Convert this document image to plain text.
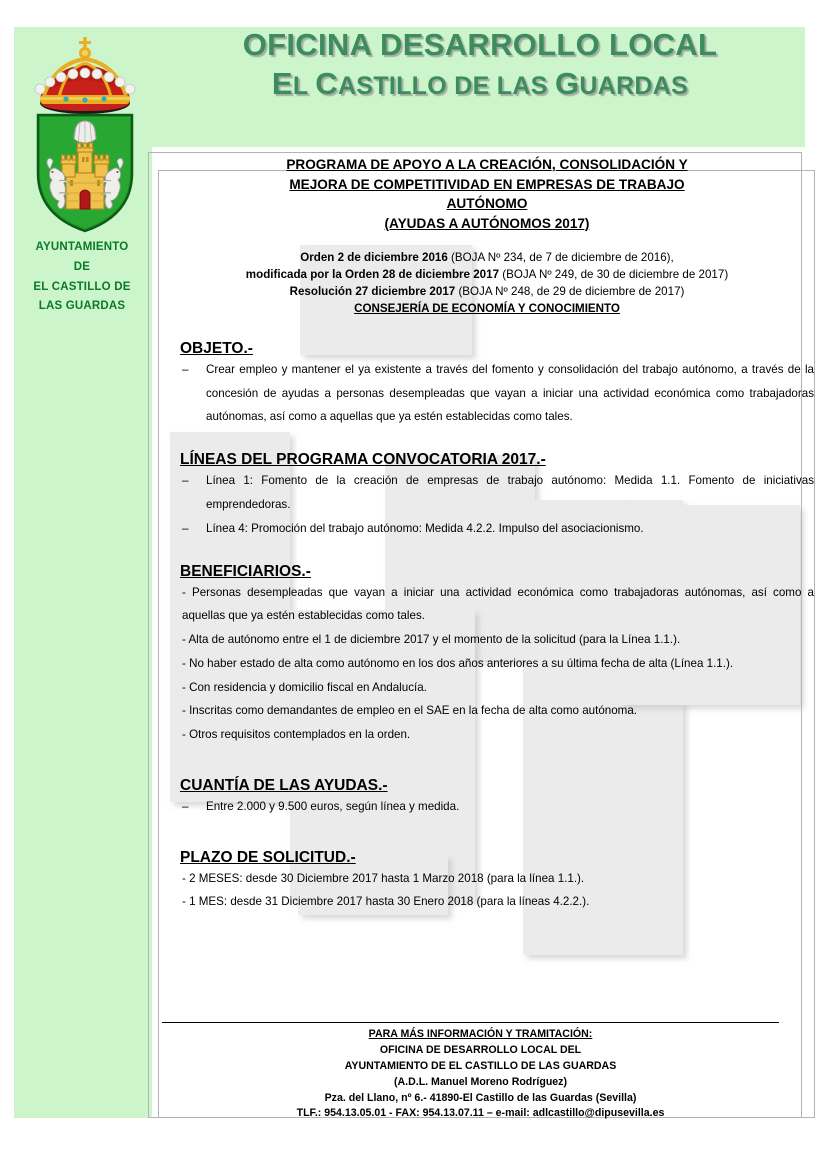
OFICINA DESARROLLO LOCAL
EL CASTILLO DE LAS GUARDAS
AYUNTAMIENTO
DE
EL CASTILLO DE
LAS GUARDAS
PROGRAMA DE APOYO A LA CREACIÓN, CONSOLIDACIÓN Y
MEJORA DE COMPETITIVIDAD EN EMPRESAS DE TRABAJO
AUTÓNOMO
(AYUDAS A AUTÓNOMOS 2017)
Orden 2 de diciembre 2016 (BOJA Nº 234, de 7 de diciembre de 2016),
modificada por la Orden 28 de diciembre 2017 (BOJA Nº 249, de 30 de diciembre de 2017)
Resolución 27 diciembre 2017 (BOJA Nº 248, de 29 de diciembre de 2017)
CONSEJERÍA DE ECONOMÍA Y CONOCIMIENTO
OBJETO.-
– Crear empleo y mantener el ya existente a través del fomento y consolidación del trabajo autónomo, a través de la concesión de ayudas a personas desempleadas que vayan a iniciar una actividad económica como trabajadoras autónomas, así como a aquellas que ya estén establecidas como tales.
LÍNEAS DEL PROGRAMA CONVOCATORIA 2017.-
– Línea 1: Fomento de la creación de empresas de trabajo autónomo: Medida 1.1. Fomento de iniciativas emprendedoras.
– Línea 4: Promoción del trabajo autónomo: Medida 4.2.2. Impulso del asociacionismo.
BENEFICIARIOS.-
- Personas desempleadas que vayan a iniciar una actividad económica como trabajadoras autónomas, así como a aquellas que ya estén establecidas como tales.
- Alta de autónomo entre el 1 de diciembre 2017 y el momento de la solicitud (para la Línea 1.1.).
- No haber estado de alta como autónomo en los dos años anteriores a su última fecha de alta (Línea 1.1.).
- Con residencia y domicilio fiscal en Andalucía.
- Inscritas como demandantes de empleo en el SAE en la fecha de alta como autónoma.
- Otros requisitos contemplados en la orden.
CUANTÍA DE LAS AYUDAS.-
– Entre 2.000 y 9.500 euros, según línea y medida.
PLAZO DE SOLICITUD.-
- 2 MESES: desde 30 Diciembre 2017 hasta 1 Marzo 2018 (para la línea 1.1.).
- 1 MES: desde 31 Diciembre 2017 hasta 30 Enero 2018 (para la líneas 4.2.2.).
PARA MÁS INFORMACIÓN Y TRAMITACIÓN:
OFICINA DE DESARROLLO LOCAL DEL
AYUNTAMIENTO DE EL CASTILLO DE LAS GUARDAS
(A.D.L. Manuel Moreno Rodríguez)
Pza. del Llano, nº 6.- 41890-El Castillo de las Guardas (Sevilla)
TLF.: 954.13.05.01 - FAX: 954.13.07.11 – e-mail: adlcastillo@dipusevilla.es
